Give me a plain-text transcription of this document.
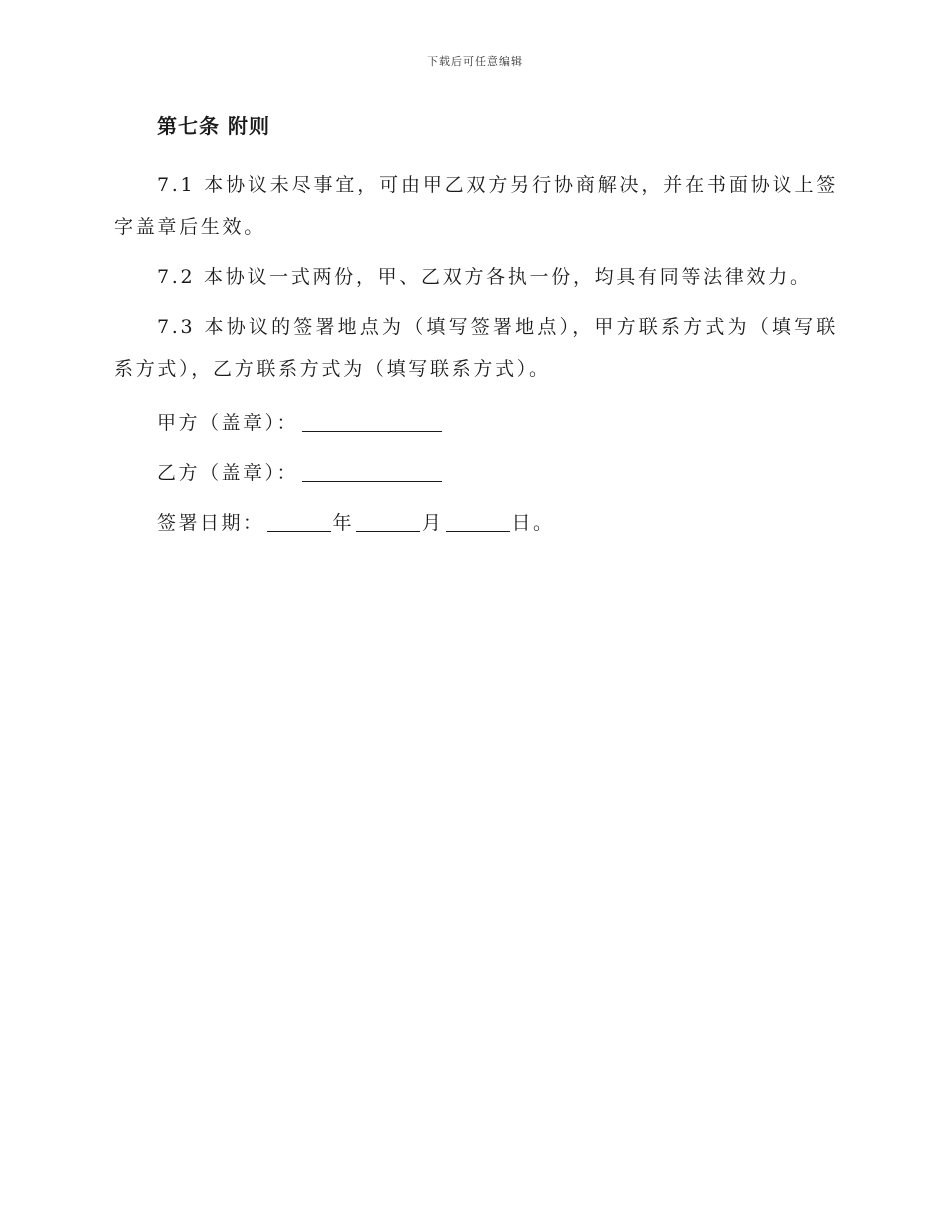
下载后可任意编辑
第七条 附则

7.1 本协议未尽事宜，可由甲乙双方另行协商解决，并在书面协议上签字盖章后生效。

7.2 本协议一式两份，甲、乙双方各执一份，均具有同等法律效力。

7.3 本协议的签署地点为（填写签署地点），甲方联系方式为（填写联系方式），乙方联系方式为（填写联系方式）。

甲方（盖章）：
乙方（盖章）：
签署日期：	年	月	日。
